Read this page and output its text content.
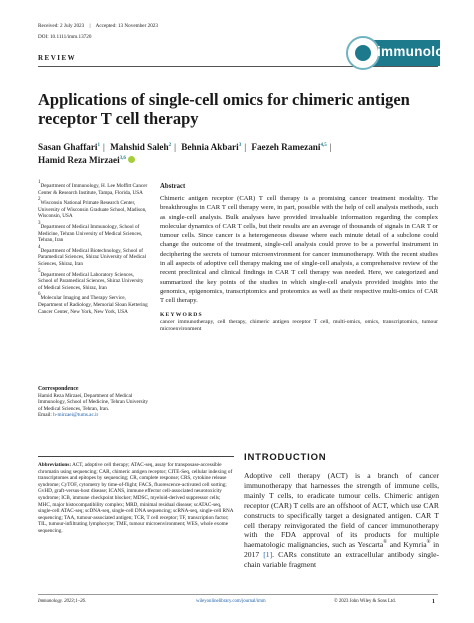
Received: 2 July 2023 | Accepted: 13 November 2023
DOI: 10.1111/imm.13720
REVIEW	immunology
Applications of single-cell omics for chimeric antigen receptor T cell therapy
Sasan Ghaffari$^1$ | Mahshid Saleh$^2$ | Behnia Akbari$^3$ | Faezeh Ramezani$^{4,5}$ |
Hamid Reza Mirzaei$^{3,6}$
$^1$Department of Immunology, H. Lee Moffitt Cancer Center & Research Institute, Tampa, Florida, USA
$^2$Wisconsin National Primate Research Center, University of Wisconsin Graduate School, Madison, Wisconsin, USA
$^3$Department of Medical Immunology, School of Medicine, Tehran University of Medical Sciences, Tehran, Iran
$^4$Department of Medical Biotechnology, School of Paramedical Sciences, Shiraz University of Medical Sciences, Shiraz, Iran
$^5$Department of Medical Laboratory Sciences, School of Paramedical Sciences, Shiraz University of Medical Sciences, Shiraz, Iran
$^6$Molecular Imaging and Therapy Service, Department of Radiology, Memorial Sloan Kettering Cancer Center, New York, New York, USA
Correspondence
Hamid Reza Mirzaei, Department of Medical Immunology, School of Medicine, Tehran University of Medical Sciences, Tehran, Iran.
Email: h-mirzaei@tums.ac.ir
Abstract

Chimeric antigen receptor (CAR) T cell therapy is a promising cancer treatment modality. The breakthroughs in CAR T cell therapy were, in part, possible with the help of cell analysis methods, such as single-cell analysis. Bulk analyses have provided invaluable information regarding the complex molecular dynamics of CAR T cells, but their results are an average of thousands of signals in CAR T or tumour cells. Since cancer is a heterogeneous disease where each minute detail of a subclone could change the outcome of the treatment, single-cell analysis could prove to be a powerful instrument in deciphering the secrets of tumour microenvironment for cancer immunotherapy. With the recent studies in all aspects of adoptive cell therapy making use of single-cell analysis, a comprehensive review of the recent preclinical and clinical findings in CAR T cell therapy was needed. Here, we categorized and summarized the key points of the studies in which single-cell analysis provided insights into the genomics, epigenomics, transcriptomics and proteomics as well as their respective multi-omics of CAR T cell therapy.

KEYWORDS

cancer immunotherapy, cell therapy, chimeric antigen receptor T cell, multi-omics, omics, transcriptomics, tumour microenvironment

Abbreviations: ACT, adoptive cell therapy; ATAC-seq, assay for transposase-accessible chromatin using sequencing; CAR, chimeric antigen receptor; CITE-Seq, cellular indexing of transcriptomes and epitopes by sequencing; CR, complete response; CRS, cytokine release syndrome; CyTOF, cytometry by time-of-flight; FACS, fluorescence-activated cell sorting; GvHD, graft-versus-host disease; ICANS, immune effector cell-associated neurotoxicity syndrome; ICB, immune checkpoint blocker; MDSC, myeloid-derived suppressor cells; MHC, major histocompatibility complex; MRD, minimal residual disease; scATAC-seq, single-cell ATAC-seq; scDNA-seq, single-cell DNA sequencing; scRNA-seq, single-cell RNA sequencing; TAA, tumour-associated antigen; TCR, T cell receptor; TF, transcription factor; TIL, tumour-infiltrating lymphocyte; TME, tumour microenvironment; WES, whole exome sequencing.
INTRODUCTION

Adoptive cell therapy (ACT) is a branch of cancer immunotherapy that harnesses the strength of immune cells, mainly T cells, to eradicate tumour cells. Chimeric antigen receptor (CAR) T cells are an offshoot of ACT, which use CAR constructs to specifically target a designated antigen. CAR T cell therapy reinvigorated the field of cancer immunotherapy with the FDA approval of its products for multiple haematologic malignancies, such as Yescarta® and Kymria® in 2017 [1]. CARs constitute an extracellular antibody single-chain variable fragment

Immunology. 2023;1–26.	wileyonlinelibrary.com/journal/imm	© 2023 John Wiley & Sons Ltd.	1
